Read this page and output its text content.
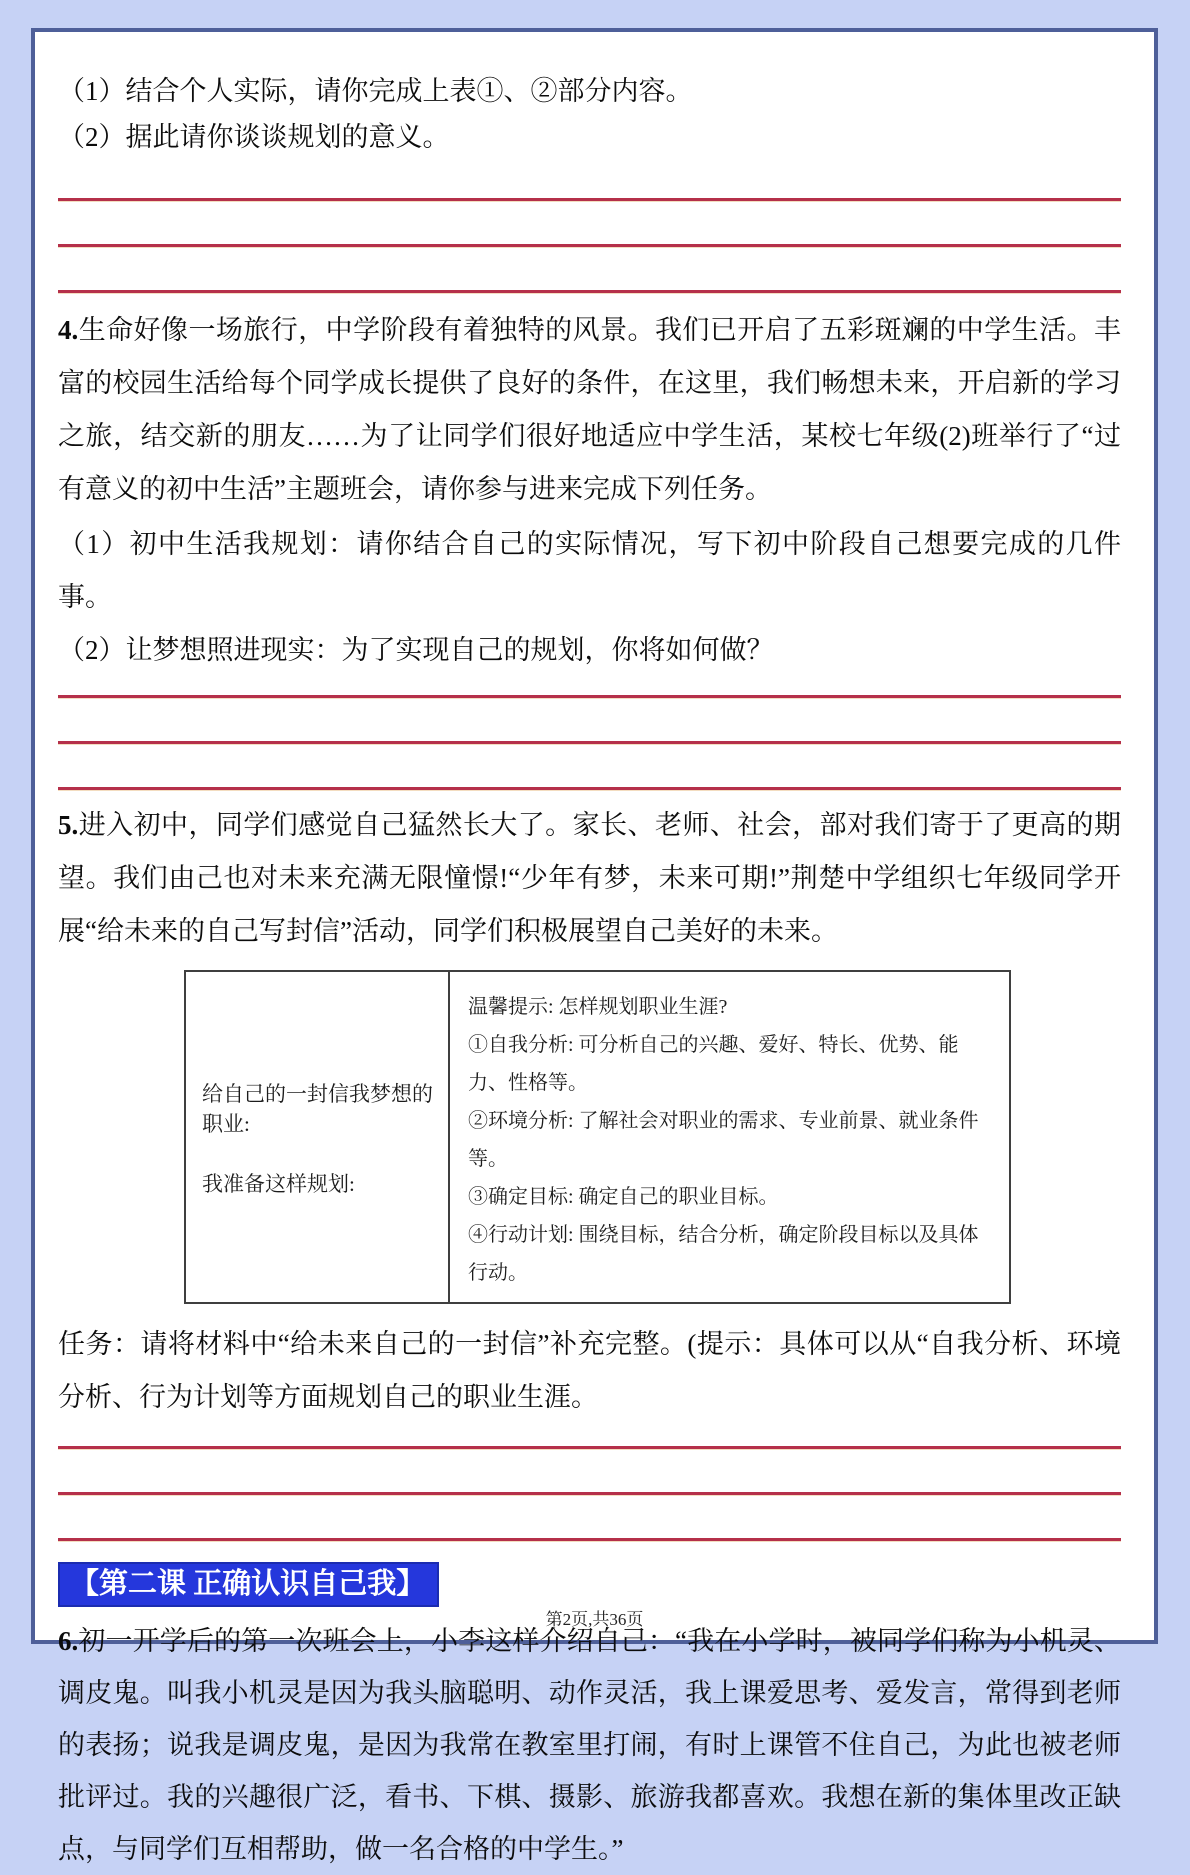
（1）结合个人实际，请你完成上表①、②部分内容。
（2）据此请你谈谈规划的意义。
4.生命好像一场旅行，中学阶段有着独特的风景。我们已开启了五彩斑斓的中学生活。丰富的校园生活给每个同学成长提供了良好的条件，在这里，我们畅想未来，开启新的学习之旅，结交新的朋友……为了让同学们很好地适应中学生活，某校七年级(2)班举行了“过有意义的初中生活”主题班会，请你参与进来完成下列任务。
（1）初中生活我规划：请你结合自己的实际情况，写下初中阶段自己想要完成的几件事。
（2）让梦想照进现实：为了实现自己的规划，你将如何做？
5.进入初中，同学们感觉自己猛然长大了。家长、老师、社会，部对我们寄于了更高的期望。我们由己也对未来充满无限憧憬!“少年有梦，未来可期!”荆楚中学组织七年级同学开展“给未来的自己写封信”活动，同学们积极展望自己美好的未来。
给自己的一封信我梦想的职业:
我准备这样规划:
温馨提示: 怎样规划职业生涯?
①自我分析: 可分析自己的兴趣、爱好、特长、优势、能力、性格等。
②环境分析: 了解社会对职业的需求、专业前景、就业条件等。
③确定目标: 确定自己的职业目标。
④行动计划: 围绕目标，结合分析，确定阶段目标以及具体行动。
任务：请将材料中“给未来自己的一封信”补充完整。(提示：具体可以从“自我分析、环境分析、行为计划等方面规划自己的职业生涯。
【第二课 正确认识自己我】
6.初一开学后的第一次班会上，小李这样介绍自己：“我在小学时，被同学们称为小机灵、调皮鬼。叫我小机灵是因为我头脑聪明、动作灵活，我上课爱思考、爱发言，常得到老师的表扬；说我是调皮鬼，是因为我常在教室里打闹，有时上课管不住自己，为此也被老师批评过。我的兴趣很广泛，看书、下棋、摄影、旅游我都喜欢。我想在新的集体里改正缺点，与同学们互相帮助，做一名合格的中学生。”
第2页,共36页
